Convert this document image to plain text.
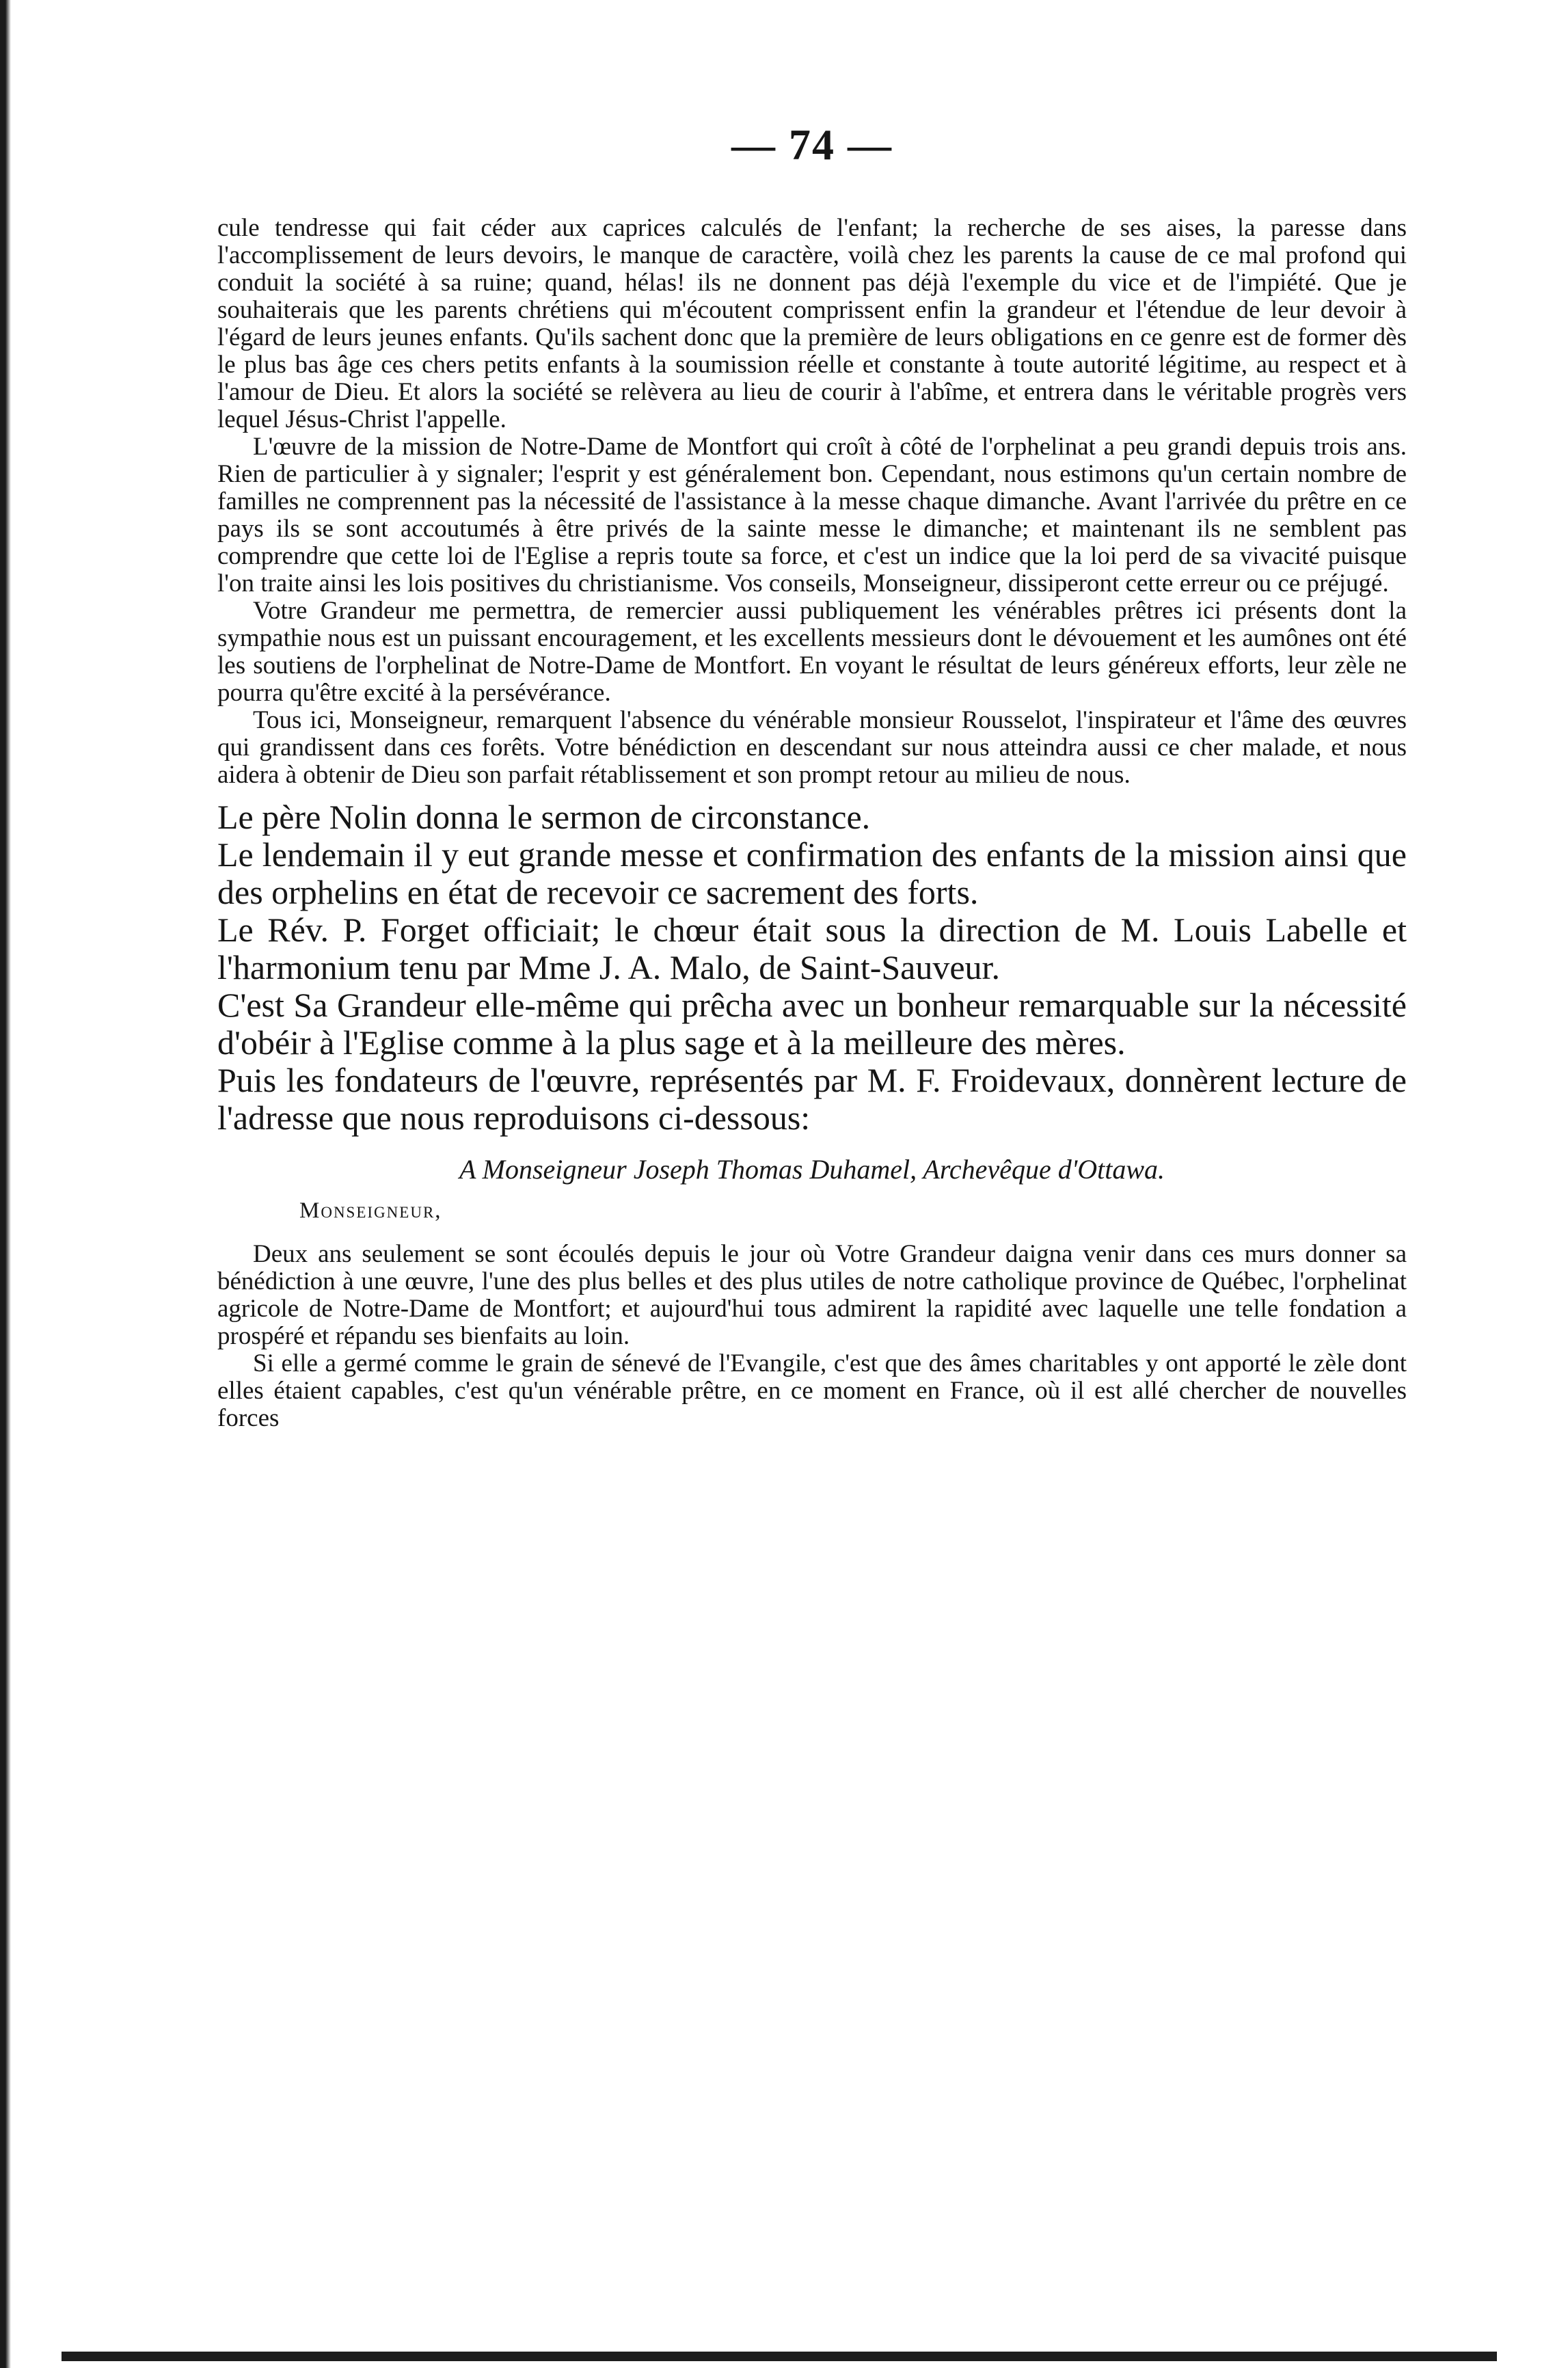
— 74 —

cule tendresse qui fait céder aux caprices calculés de l'enfant; la recherche de ses aises, la paresse dans l'accomplissement de leurs devoirs, le manque de caractère, voilà chez les parents la cause de ce mal profond qui conduit la société à sa ruine; quand, hélas! ils ne donnent pas déjà l'exemple du vice et de l'impiété. Que je souhaiterais que les parents chrétiens qui m'écoutent comprissent enfin la grandeur et l'étendue de leur devoir à l'égard de leurs jeunes enfants. Qu'ils sachent donc que la première de leurs obligations en ce genre est de former dès le plus bas âge ces chers petits enfants à la soumission réelle et constante à toute autorité légitime, au respect et à l'amour de Dieu. Et alors la société se relèvera au lieu de courir à l'abîme, et entrera dans le véritable progrès vers lequel Jésus-Christ l'appelle.

L'œuvre de la mission de Notre-Dame de Montfort qui croît à côté de l'orphelinat a peu grandi depuis trois ans. Rien de particulier à y signaler; l'esprit y est généralement bon. Cependant, nous estimons qu'un certain nombre de familles ne comprennent pas la nécessité de l'assistance à la messe chaque dimanche. Avant l'arrivée du prêtre en ce pays ils se sont accoutumés à être privés de la sainte messe le dimanche; et maintenant ils ne semblent pas comprendre que cette loi de l'Eglise a repris toute sa force, et c'est un indice que la loi perd de sa vivacité puisque l'on traite ainsi les lois positives du christianisme. Vos conseils, Monseigneur, dissiperont cette erreur ou ce préjugé.

Votre Grandeur me permettra, de remercier aussi publiquement les vénérables prêtres ici présents dont la sympathie nous est un puissant encouragement, et les excellents messieurs dont le dévouement et les aumônes ont été les soutiens de l'orphelinat de Notre-Dame de Montfort. En voyant le résultat de leurs généreux efforts, leur zèle ne pourra qu'être excité à la persévérance.

Tous ici, Monseigneur, remarquent l'absence du vénérable monsieur Rousselot, l'inspirateur et l'âme des œuvres qui grandissent dans ces forêts. Votre bénédiction en descendant sur nous atteindra aussi ce cher malade, et nous aidera à obtenir de Dieu son parfait rétablissement et son prompt retour au milieu de nous.

Le père Nolin donna le sermon de circonstance.

Le lendemain il y eut grande messe et confirmation des enfants de la mission ainsi que des orphelins en état de recevoir ce sacrement des forts.

Le Rév. P. Forget officiait; le chœur était sous la direction de M. Louis Labelle et l'harmonium tenu par Mme J. A. Malo, de Saint-Sauveur.

C'est Sa Grandeur elle-même qui prêcha avec un bonheur remarquable sur la nécessité d'obéir à l'Eglise comme à la plus sage et à la meilleure des mères.

Puis les fondateurs de l'œuvre, représentés par M. F. Froidevaux, donnèrent lecture de l'adresse que nous reproduisons ci-dessous:

A Monseigneur Joseph Thomas Duhamel, Archevêque d'Ottawa.
Monseigneur,

Deux ans seulement se sont écoulés depuis le jour où Votre Grandeur daigna venir dans ces murs donner sa bénédiction à une œuvre, l'une des plus belles et des plus utiles de notre catholique province de Québec, l'orphelinat agricole de Notre-Dame de Montfort; et aujourd'hui tous admirent la rapidité avec laquelle une telle fondation a prospéré et répandu ses bienfaits au loin.

Si elle a germé comme le grain de sénevé de l'Evangile, c'est que des âmes charitables y ont apporté le zèle dont elles étaient capables, c'est qu'un vénérable prêtre, en ce moment en France, où il est allé chercher de nouvelles forces
